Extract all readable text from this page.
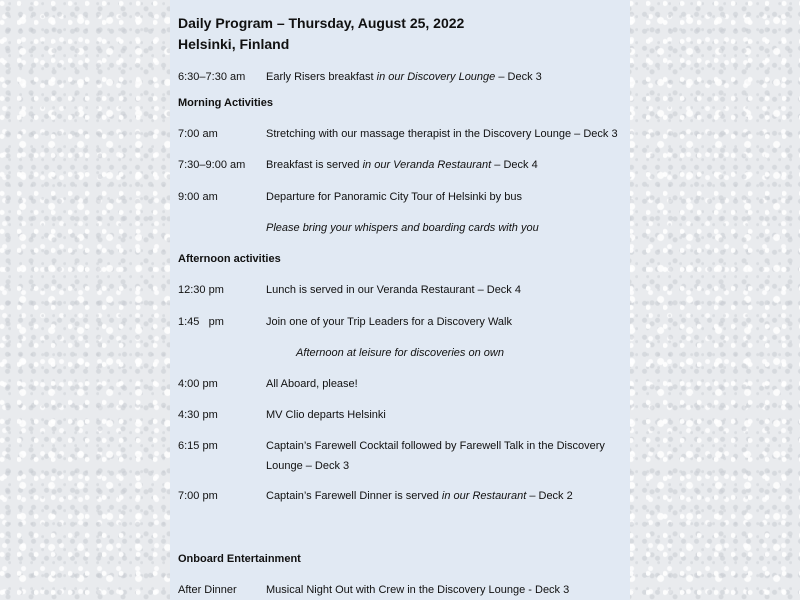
Daily Program – Thursday, August 25, 2022
Helsinki, Finland
6:30–7:30 am Early Risers breakfast in our Discovery Lounge – Deck 3
Morning Activities
7:00 am	Stretching with our massage therapist in the Discovery Lounge – Deck 3
7:30–9:00 am Breakfast is served in our Veranda Restaurant – Deck 4
9:00 am	Departure for Panoramic City Tour of Helsinki by bus
Please bring your whispers and boarding cards with you
Afternoon activities
12:30 pm	Lunch is served in our Veranda Restaurant – Deck 4
1:45   pm	Join one of your Trip Leaders for a Discovery Walk
Afternoon at leisure for discoveries on own
4:00 pm	All Aboard, please!
4:30 pm	MV Clio departs Helsinki
6:15 pm	Captain’s Farewell Cocktail followed by Farewell Talk in the Discovery
Lounge – Deck 3
7:00 pm	Captain’s Farewell Dinner is served in our Restaurant – Deck 2
Onboard Entertainment
After Dinner	Musical Night Out with Crew in the Discovery Lounge - Deck 3
